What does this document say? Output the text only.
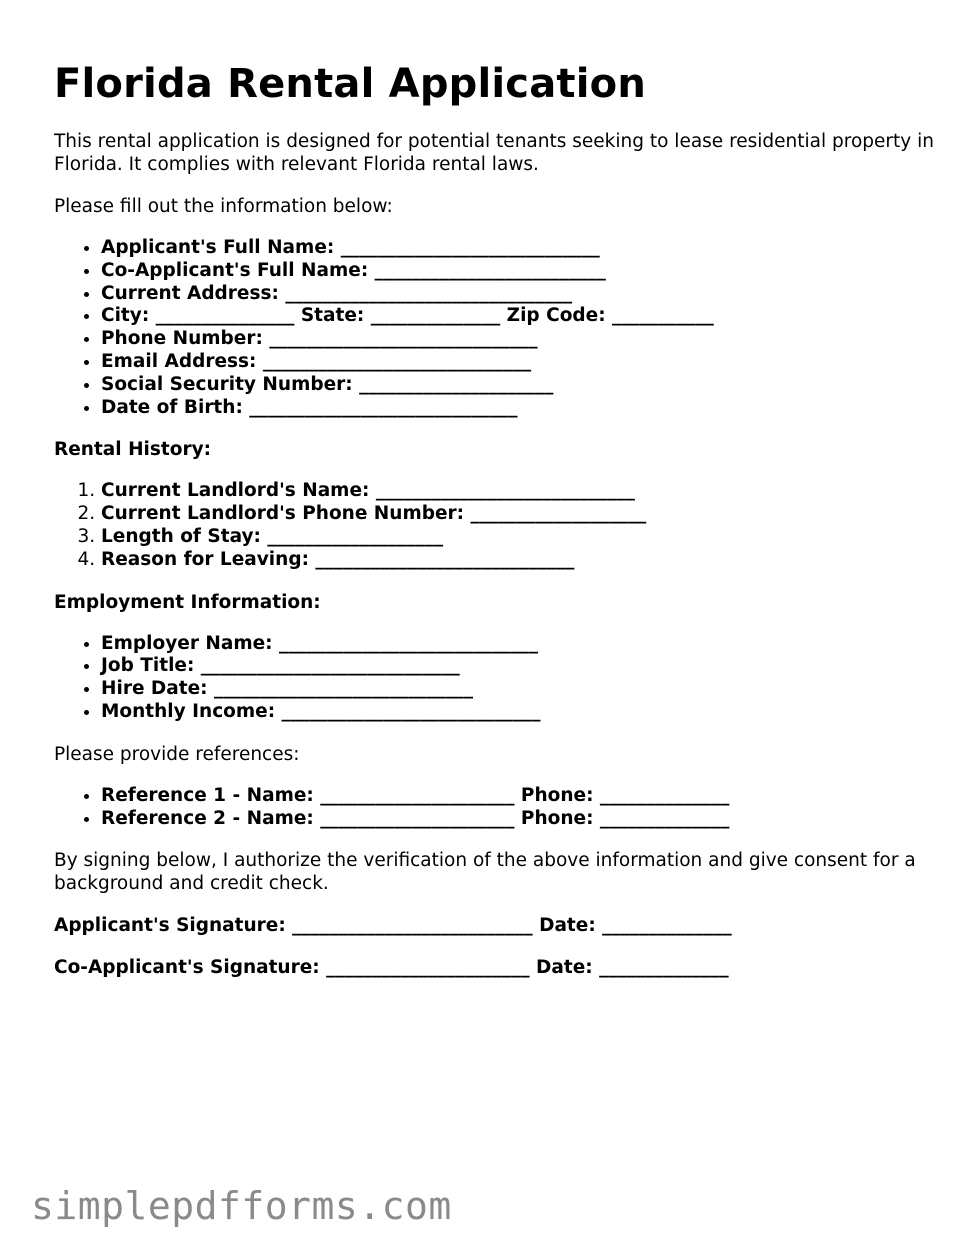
Florida Rental Application

This rental application is designed for potential tenants seeking to lease residential property in Florida. It complies with relevant Florida rental laws.

Please fill out the information below:

• Applicant's Full Name: ____________________________
• Co-Applicant's Full Name: _________________________
• Current Address: _______________________________
• City: _______________ State: ______________ Zip Code: ___________
• Phone Number: _____________________________
• Email Address: _____________________________
• Social Security Number: _____________________
• Date of Birth: _____________________________
Rental History:
1. Current Landlord's Name: ____________________________
2. Current Landlord's Phone Number: ___________________
3. Length of Stay: ___________________
4. Reason for Leaving: ____________________________
Employment Information:
• Employer Name: ____________________________
• Job Title: ____________________________
• Hire Date: ____________________________
• Monthly Income: ____________________________

Please provide references:

• Reference 1 - Name: _____________________ Phone: ______________
• Reference 2 - Name: _____________________ Phone: ______________

By signing below, I authorize the verification of the above information and give consent for a background and credit check.

Applicant's Signature: __________________________ Date: ______________
Co-Applicant's Signature: ______________________ Date: ______________
simplepdfforms.com
